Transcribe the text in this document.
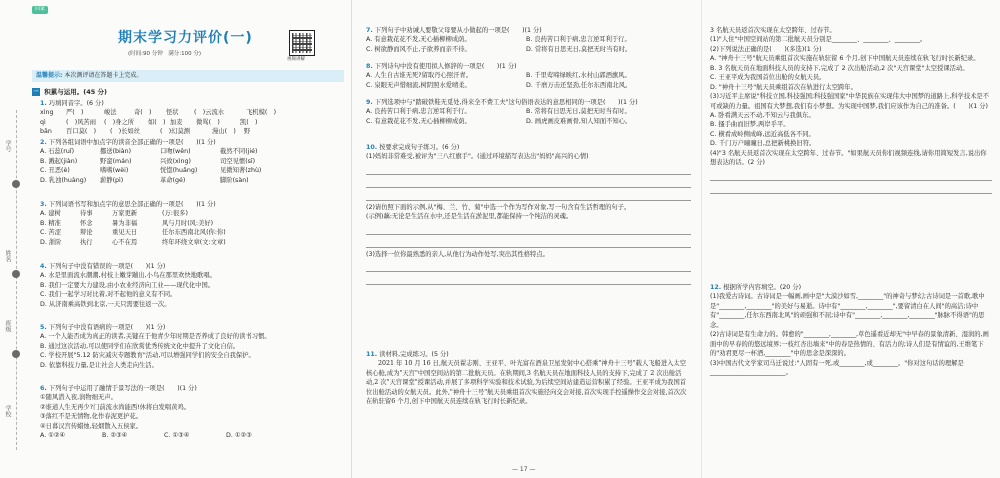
学号
姓名
班级
学校
回家
期末学习力评价(一)
(时间:90 分钟　满分:100 分)
视频讲解
温馨提示: 本次测评请在答题卡上完成。
一 积累与运用。(45 分)
1. 巧填同音字。(6 分)
xìng 严(　)	峻法	奇(　) 怪状 (　)云流水	飞机模(　)
qì	(　)风苦雨 (　)身之所 如(　) 加麦 微骂(　)	凯(　)
bān 百口莫(　) (　)长如丝	(　)幻莫测	漫山(　) 野
2. 下列各组词语中加点字的读音全部正确的一项是(　　)(1 分)
A. 石蕊(ruǐ)	挪送(biàn)	口吻(wěn)	截然不同(jié)
B. 溅起(jiàn)	野蛮(mán)	兴致(xìng)	司空见惯(sī)
C. 丑恶(è)	嗜嗜(wèi)	恍惚(huǎng)	见微知著(zhù)
D. 乳浊(huàng) 薪静(pì)	革命(gé)	脚阶(sàn)
3. 下列词语书写和加点字的意思全部正确的一项是(　　)(1 分)
A. 建树	待事	万家更新	(万:很多)
B. 精准	怀念	暑为非福	风与月时(风:美好)
C. 苦涩	辩论	重见天日	任尔东西南北风(你:你)
D. 浙阶	执行	心不在焉	终年环绕文章(文:文章)
4. 下列句子中没有错误的一项是(　　)(1 分)
A. 水是里面流水潮潮,村枝上嫩芽蹦出,小鸟在那里欢快地歌唱。
B. 我们一定要大力建设,由小农业经济向工业——现代化中国。
C. 我们一起学习对比着,对不起他的意义有不同。
D. 从济南乘高铁到北京,一天只需要往返一次。
5. 下列句子中没有语病的一项是(　　)(1 分)
A. 一个人能否成为真正的读者,关键在于他青少年时期是否养成了良好的读书习惯。
B. 通过这次活动,可以使同学们在欣赏优秀传统文化中提升了文化自信。
C. 学校开展"5.12 防灾减灾专题教育"活动,可以增强同学们的安全自我保护。
D. 依靠科技力量,是让社会人类走向生活。
6. 下列句子中运用了融情于景写法的一项是(　　)(1 分)
①随风潜入夜,润物细无声。
②谁道人生无再少?门前流水尚能西!休将白发唱黄鸡。
③落红不是无情物,化作春泥更护花。
④日暮汉宫传蜡烛,轻烟散入五侯家。
A. ①②④	B. ②③④	C. ①③④	D. ①②③
7. 下列句子中劝诫人要敬父母要从小做起的一项是(　　)(1 分)
A. 有意栽花花不发,无心插柳柳成荫。	B. 良药苦口利于病,忠言逆耳利于行。
C. 树欲静而风不止,子欲养而亲不待。	D. 常将有日思无日,莫把无时当有时。
8. 下列诗句中没有使用拟人修辞的一项是(　　)(1 分)
A. 人生自古谁无死?留取丹心照汗青。	B. 千里莺啼绿映红,水村山郭酒旗风。
C. 泉眼无声惜细流,树阴照水爱晴柔。	D. 千磨万击还坚劲,任尔东西南北风。
9. 下列选项中与"踏破铁鞋无觅处,得来全不费工夫"这句俗语表达的意思相同的一项是(　　)(1 分)
A. 良药苦口利于病,忠言逆耳利于行。	B. 常将有日思无日,莫把无时当有时。
C. 有意栽花花不发,无心插柳柳成荫。	D. 画虎画皮难画骨,知人知面不知心。
10. 按要求完成句子练习。(6 分)
(1)妈妈非常难受,被评为"三八红旗手"。(通过环境描写表达出"妈妈"高兴的心情)
(2)请仿照下面的示例,从"梅、兰、竹、菊"中选一个作为写作对象,写一句含有生活哲理的句子。
(示例)藕:无论是生活在水中,还是生活在淤泥里,都能保持一个纯洁的灵魂。
(3)选择一位你最熟悉的亲人,从他行为动作处写,突出其性格特点。
11. 读材料,完成练习。(5 分)
2021 年 10 月 16 日,航天员翟志刚、王亚平、叶光富在酒泉卫星发射中心搭乘"神舟十三号"载人飞船进入太空核心舱,成为"天宫"中国空间站的第二批航天员。在轨期间,3 名航天员在地面科技人员的支持下,完成了 2 次出舱活动,2 次"天宫课堂"授课活动,并展了多项科学实验和技术试验,为后续空间站建造运营积累了经验。王亚平成为我国首位出舱活动的女航天员。此外,"神舟十三号"航天员乘组首次实施径向交会对接,首次实现手控遥操作交会对接,首次次在轨驻留6 个月,创下中国航天员连续在轨飞行时长新纪录。
— 17 —
3 名航天员返首次实现在太空跨年、过春节。
(1)"人住"中国空间站的第二批航天员分别是________、________、________。
(2)下列说法正确的是(　　)(多选)(1 分)
A. "神舟十三号"航天员乘组首次实施在轨驻留 6 个月,创下中国航天员连续在轨飞行时长新纪录。
B. 3 名航天员在地面科技人员的支持下,完成了 2 次出舱活动,2 次"天宫课堂"太空授课活动。
C. 王亚平成为我国首位出舱的女航天员。
D. "神舟十三号"航天员乘组首次在轨进行太空跨年。
(3)习近平主席说"科技立国,科技强国;科技强国家"中华民族在实现伟大中国梦的道路上,科学技术是不可或缺的力量。祖国有大梦想,我们有小梦想。为实现中国梦,我们应该作为自己的准备。(　　)(1 分)
A. 卧看满天云不动,不知云与我俱东。
B. 搔手曲而旧梦,两岸乎平。
C. 横看成岭侧成峰,远近高低各不同。
D. 千门万户曈曈日,总把新桃换旧符。
(4)"3 名航天员返首次实现在太空跨年、过春节。"如果航天员你们视频连线,请你用简短发言,说出你想表达的话。(2 分)
12. 根据所学内容填空。(20 分)
(1)我爱古诗词。古诗词是一幅画,画中是"大漠沙如雪,________"的神奇与梦幻;古诗词是一首歌,歌中是"________,________"的美好与易逝。诗中有"________,________",要留清白在人间"的高洁;诗中有"________,任尔东西南北风"的顽强和不屈;诗中有"________,________,________"脉脉不得语"的思念。
(2)古诗词是有生命力的。韩愈的"________,________,草色遥看近却无"中早春的景象清新、湿润的,画面中的早春的的悠远境界;一枝红杏出墙来"中的春是热情的、有活力的;诗人们是有情谊的,王维笔下的"劝君更尽一杯酒,________"中的思念是深深的。
(3)中国古代文学家司马迁说过:"人固有一死,或________,或________。"你对这句话的理解是________________________。
